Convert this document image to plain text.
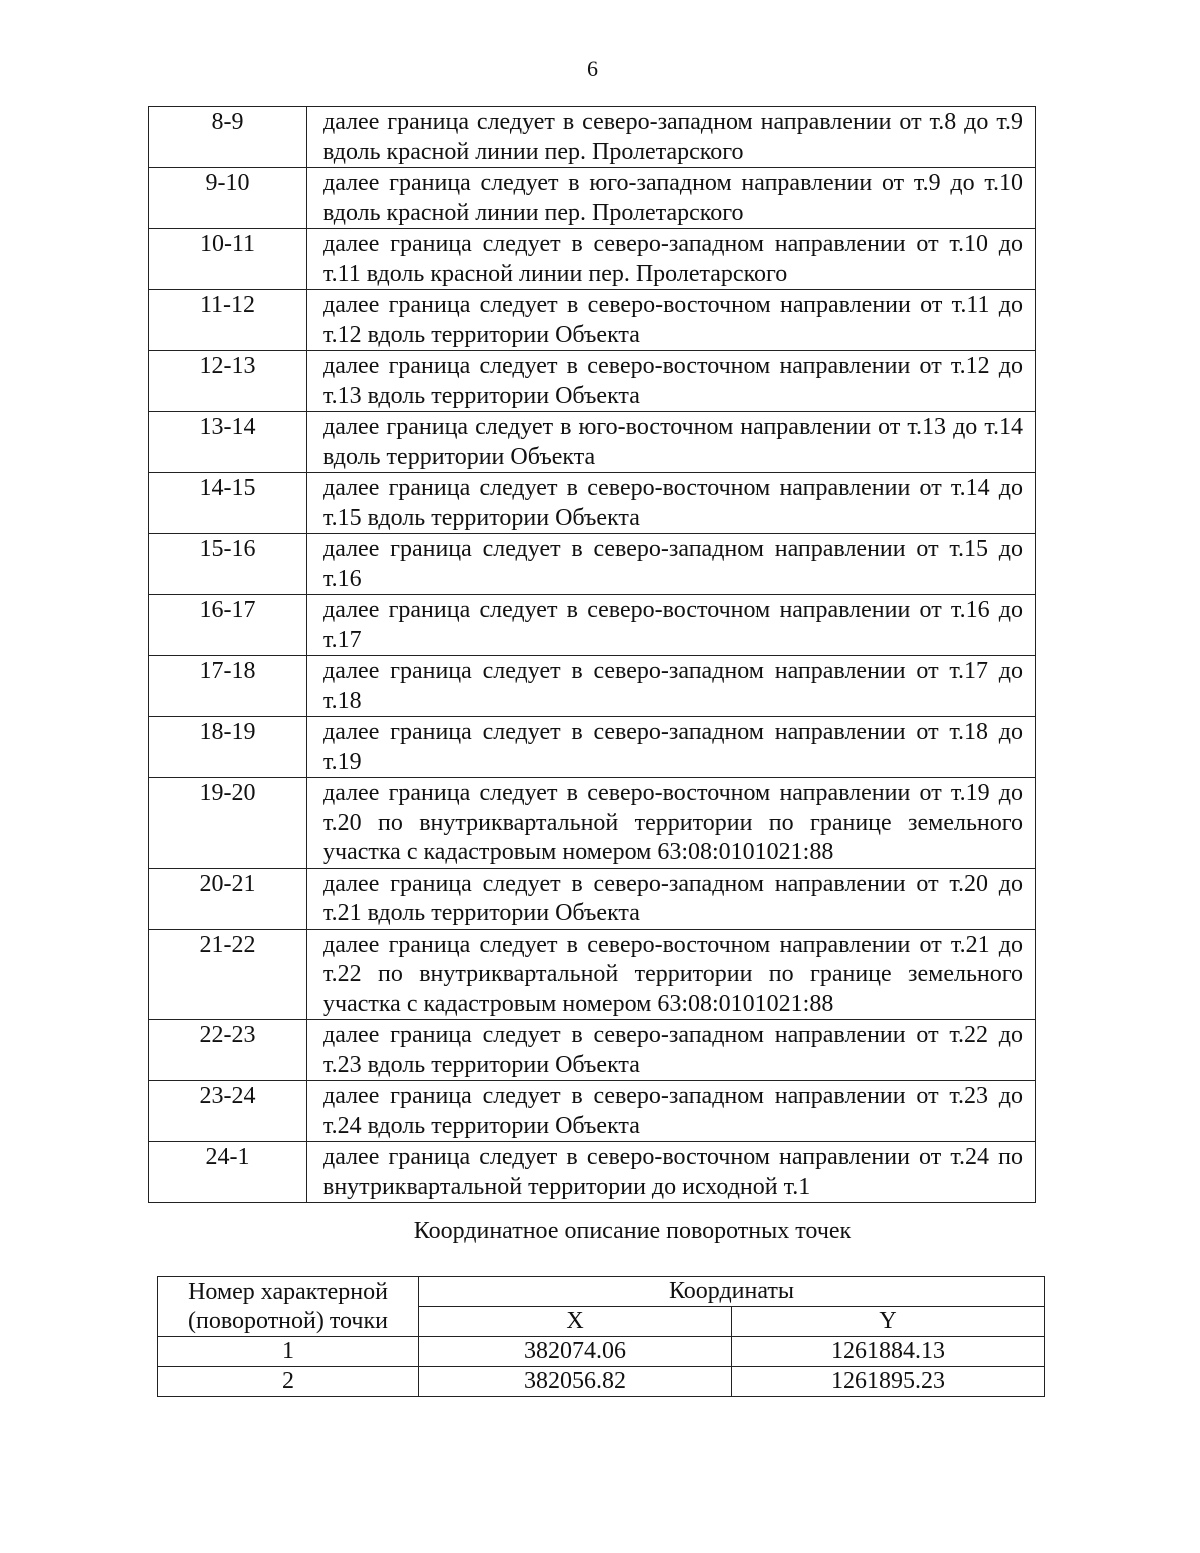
6
8-9	далее граница следует в северо-западном направлении от т.8 до т.9 вдоль красной линии пер. Пролетарского
9-10	далее граница следует в юго-западном направлении от т.9 до т.10 вдоль красной линии пер. Пролетарского
10-11	далее граница следует в северо-западном направлении от т.10 до т.11 вдоль красной линии пер. Пролетарского
11-12	далее граница следует в северо-восточном направлении от т.11 до т.12 вдоль территории Объекта
12-13	далее граница следует в северо-восточном направлении от т.12 до т.13 вдоль территории Объекта
13-14	далее граница следует в юго-восточном направлении от т.13 до т.14 вдоль территории Объекта
14-15	далее граница следует в северо-восточном направлении от т.14 до т.15 вдоль территории Объекта
15-16	далее граница следует в северо-западном направлении от т.15 до т.16
16-17	далее граница следует в северо-восточном направлении от т.16 до т.17
17-18	далее граница следует в северо-западном направлении от т.17 до т.18
18-19	далее граница следует в северо-западном направлении от т.18 до т.19
19-20	далее граница следует в северо-восточном направлении от т.19 до т.20 по внутриквартальной территории по границе земельного участка с кадастровым номером 63:08:0101021:88
20-21	далее граница следует в северо-западном направлении от т.20 до т.21 вдоль территории Объекта
21-22	далее граница следует в северо-восточном направлении от т.21 до т.22 по внутриквартальной территории по границе земельного участка с кадастровым номером 63:08:0101021:88
22-23	далее граница следует в северо-западном направлении от т.22 до т.23 вдоль территории Объекта
23-24	далее граница следует в северо-западном направлении от т.23 до т.24 вдоль территории Объекта
24-1	далее граница следует в северо-восточном направлении от т.24 по внутриквартальной территории до исходной т.1
Координатное описание поворотных точек
Номер характерной
(поворотной) точки	Координаты	
	X	Y
1	382074.06	1261884.13
2	382056.82	1261895.23
